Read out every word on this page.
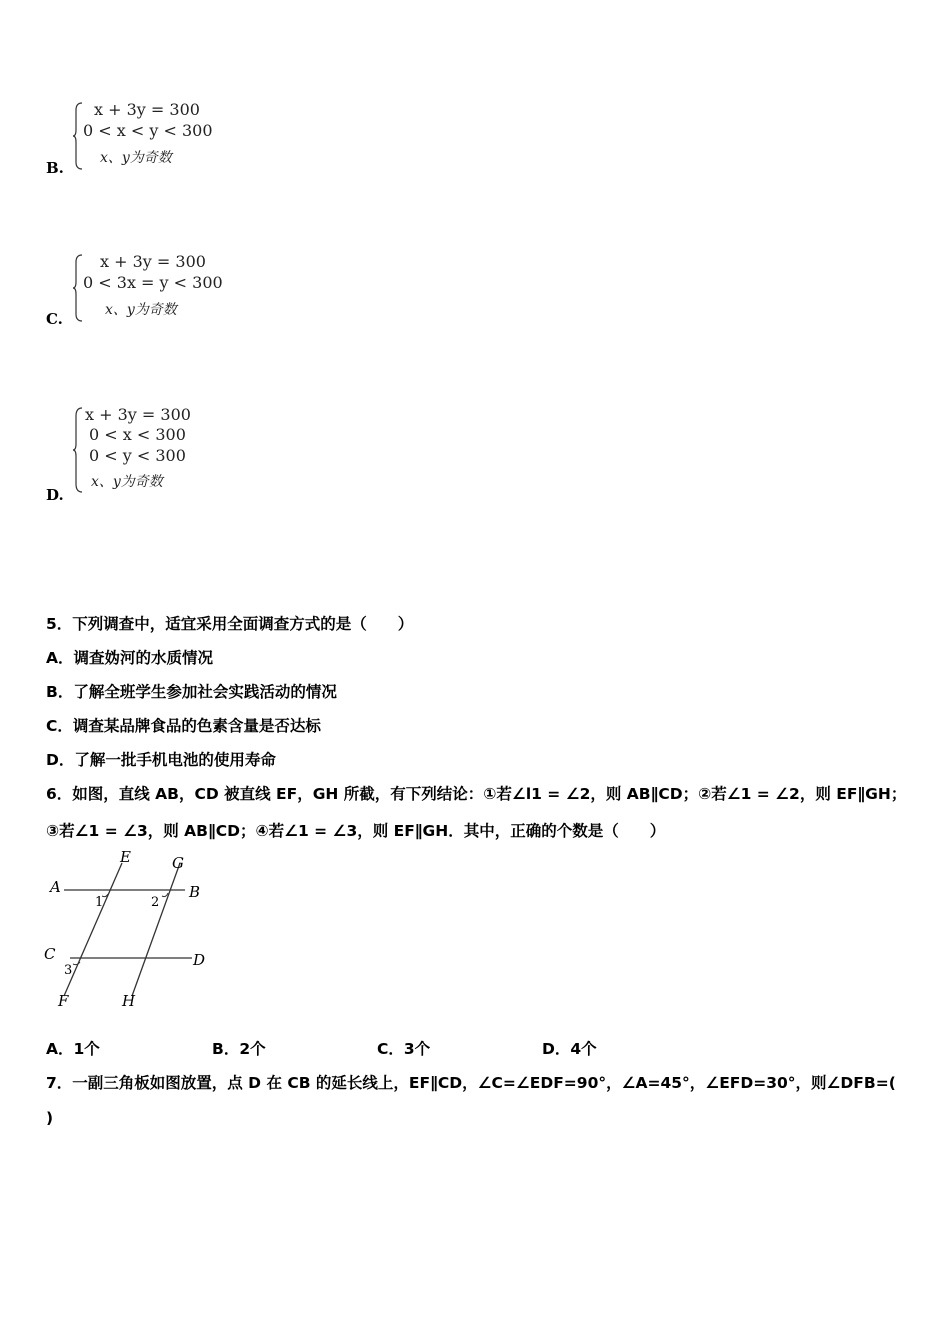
B.
x + 3y = 300
0 < x < y < 300
x、y为奇数
C.
x + 3y = 300
0 < 3x = y < 300
x、y为奇数
D.
x + 3y = 300
0 < x < 300
0 < y < 300
x、y为奇数
5．下列调查中，适宜采用全面调查方式的是（　　）
A．调查妫河的水质情况
B．了解全班学生参加社会实践活动的情况
C．调查某品牌食品的色素含量是否达标
D．了解一批手机电池的使用寿命
6．如图，直线 AB，CD 被直线 EF，GH 所截，有下列结论：①若∠l1 = ∠2，则 AB∥CD；②若∠1 = ∠2，则 EF∥GH；
③若∠1 = ∠3，则 AB∥CD；④若∠1 = ∠3，则 EF∥GH．其中，正确的个数是（　　）
A	B
C	D
E
F
G
H
1	2
3
A．1个	B．2个	C．3个	D．4个
7．一副三角板如图放置，点 D 在 CB 的延长线上，EF∥CD，∠C=∠EDF=90°，∠A=45°，∠EFD=30°，则∠DFB=(
)
